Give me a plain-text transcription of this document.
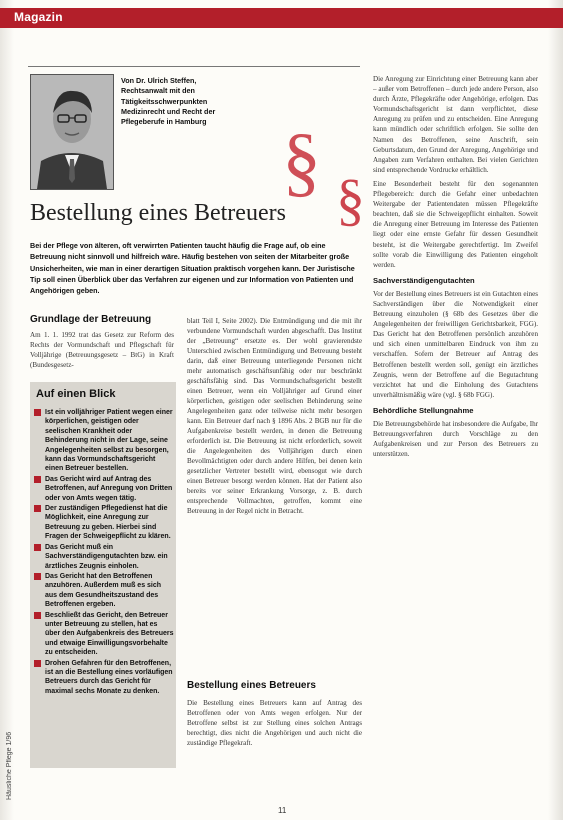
Magazin
Von Dr. Ulrich Steffen,
Rechtsanwalt mit den
Tätigkeitsschwerpunkten
Medizinrecht und Recht der
Pflegeberufe in Hamburg § §
Bestellung eines Betreuers
Bei der Pflege von älteren, oft verwirrten Patienten taucht häufig die Frage auf, ob eine Betreuung nicht sinnvoll und hilfreich wäre. Häufig bestehen von seiten der Mitarbeiter große Unsicherheiten, wie man in einer derartigen Situation praktisch vorgehen kann. Der Juristische Tip soll einen Überblick über das Verfahren zur eigenen und zur Information von Patienten und Angehörigen geben.
Grundlage der Betreuung
Am 1. 1. 1992 trat das Gesetz zur Reform des Rechts der Vormundschaft und Pflegschaft für Volljährige (Betreuungsgesetz – BtG) in Kraft (Bundesgesetz-
blatt Teil I, Seite 2002). Die Entmündigung und die mit ihr verbundene Vormundschaft wurden abgeschafft. Das Institut der „Betreuung“ ersetzte es. Der wohl gravierendste Unterschied zwischen Entmündigung und Betreuung besteht darin, daß einer Betreuung unterliegende Personen nicht mehr automatisch geschäftsunfähig oder nur beschränkt geschäftsfähig sind. Das Vormundschaftsgericht bestellt einen Betreuer, wenn ein Volljähriger auf Grund einer körperlichen, geistigen oder seelischen Behinderung seine Angelegenheiten ganz oder teilweise nicht mehr besorgen kann. Ein Betreuer darf nach § 1896 Abs. 2 BGB nur für die Aufgabenkreise bestellt werden, in denen die Betreuung erforderlich ist. Die Betreuung ist nicht erforderlich, soweit die Angelegenheiten des Volljährigen durch einen Bevollmächtigten oder durch andere Hilfen, bei denen kein gesetzlicher Vertreter bestellt wird, ebensogut wie durch einen Betreuer besorgt werden können. Hat der Patient also bereits vor seiner Erkrankung Vorsorge, z. B. durch entsprechende Vollmachten, getroffen, kommt eine Betreuung in der Regel nicht in Betracht.
Bestellung eines Betreuers
Die Bestellung eines Betreuers kann auf Antrag des Betroffenen oder von Amts wegen erfolgen. Nur der Betroffene selbst ist zur Stellung eines solchen Antrags berechtigt, dies nicht die Angehörigen und auch nicht die zuständige Pflegekraft.
Auf einen Blick
Ist ein volljähriger Patient wegen einer körperlichen, geistigen oder seelischen Krankheit oder Behinderung nicht in der Lage, seine Angelegenheiten selbst zu besorgen, kann das Vormundschaftsgericht einen Betreuer bestellen.
Das Gericht wird auf Antrag des Betroffenen, auf Anregung von Dritten oder von Amts wegen tätig.
Der zuständigen Pflegedienst hat die Möglichkeit, eine Anregung zur Betreuung zu geben. Hierbei sind Fragen der Schweigepflicht zu klären.
Das Gericht muß ein Sachverständigengutachten bzw. ein ärztliches Zeugnis einholen.
Das Gericht hat den Betroffenen anzuhören. Außerdem muß es sich aus dem Gesundheitszustand des Betroffenen ergeben.
Beschließt das Gericht, den Betreuer unter Betreuung zu stellen, hat es über den Aufgabenkreis des Betreuers und etwaige Einwilligungsvorbehalte zu entscheiden.
Drohen Gefahren für den Betroffenen, ist an die Bestellung eines vorläufigen Betreuers durch das Gericht für maximal sechs Monate zu denken.

Die Anregung zur Einrichtung einer Betreuung kann aber – außer vom Betroffenen – durch jede andere Person, also durch Ärzte, Pflegekräfte oder Angehörige, erfolgen. Das Vormundschaftsgericht ist dann verpflichtet, diese Anregung zu prüfen und zu entscheiden. Eine Anregung kann mündlich oder schriftlich erfolgen. Sie sollte den Namen des Betroffenen, seine Anschrift, sein Geburtsdatum, den Grund der Anregung, Angehörige und Angaben zum Verfahren enthalten. Bei vielen Gerichten sind entsprechende Vordrucke erhältlich.

Eine Besonderheit besteht für den sogenannten Pflegebereich: durch die Gefahr einer unbedachten Weitergabe der Patientendaten müssen Pflegekräfte beachten, daß sie die Schweigepflicht einhalten. Soweit die Anregung einer Betreuung im Interesse des Patienten liegt oder eine ernste Gefahr für dessen Gesundheit besteht, ist die Weitergabe gerechtfertigt. Im Zweifel sollte vorab die Einwilligung des Patienten eingeholt werden.

Sachverständigengutachten

Vor der Bestellung eines Betreuers ist ein Gutachten eines Sachverständigen über die Notwendigkeit einer Betreuung einzuholen (§ 68b des Gesetzes über die Angelegenheiten der freiwilligen Gerichtsbarkeit, FGG). Das Gericht hat den Betroffenen persönlich anzuhören und sich einen unmittelbaren Eindruck von ihm zu verschaffen. Sofern der Betreuer auf Antrag des Betroffenen bestellt werden soll, genügt ein ärztliches Zeugnis, wenn der Betroffene auf die Begutachtung verzichtet hat und die Einholung des Gutachtens unverhältnismäßig wäre (vgl. § 68b FGG).

Behördliche Stellungnahme

Die Betreuungsbehörde hat insbesondere die Aufgabe, Ihr Betreuungsverfahren durch Vorschläge zu den Aufgabenkreisen und zur Person des Betreuers zu unterstützen.

Häusliche Pflege 1/96
11
